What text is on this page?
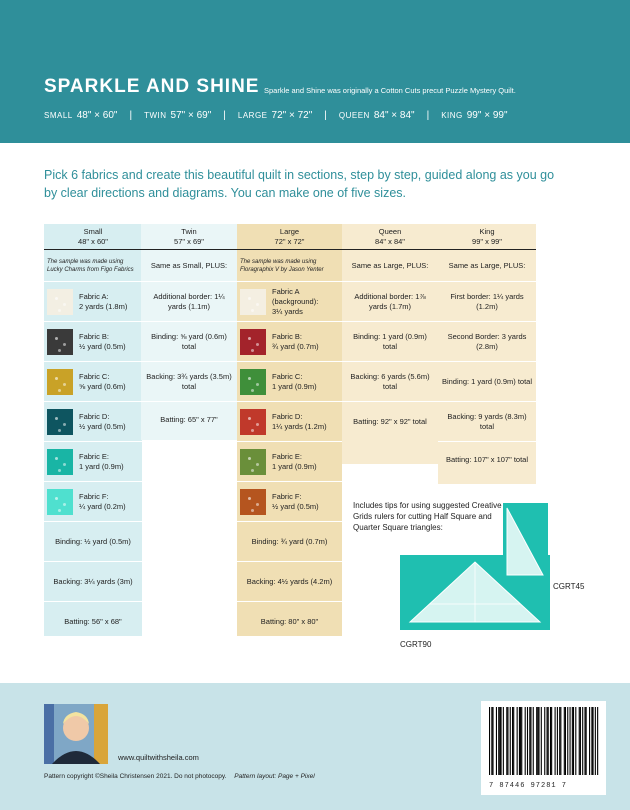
SPARKLE AND SHINE Sparkle and Shine was originally a Cotton Cuts precut Puzzle Mystery Quilt.
SMALL 48" × 60" | TWIN 57" × 69" | LARGE 72" × 72" | QUEEN 84" × 84" | KING 99" × 99"
Pick 6 fabrics and create this beautiful quilt in sections, step by step, guided along as you go by clear directions and diagrams. You can make one of five sizes.
Small
48" x 60"
The sample was made using Lucky Charms from Figo Fabrics
Fabric A:
2 yards (1.8m)
Fabric B:
½ yard (0.5m)
Fabric C:
⅝ yard (0.6m)
Fabric D:
½ yard (0.5m)
Fabric E:
1 yard (0.9m)
Fabric F:
¼ yard (0.2m)
Binding: ½ yard (0.5m)
Backing: 3¼ yards (3m)
Batting: 56" x 68"
Twin
57" x 69"
Same as Small, PLUS:
Additional border: 1¼ yards (1.1m)
Binding: ⅝ yard (0.6m) total
Backing: 3¾ yards (3.5m) total
Batting: 65" x 77"
Large
72" x 72"
The sample was made using Floragraphix V by Jason Yenter
Fabric A (background):
3¼ yards
Fabric B:
¾ yard (0.7m)
Fabric C:
1 yard (0.9m)
Fabric D:
1¼ yards (1.2m)
Fabric E:
1 yard (0.9m)
Fabric F:
½ yard (0.5m)
Binding: ¾ yard (0.7m)
Backing: 4½ yards (4.2m)
Batting: 80" x 80"
Queen
84" x 84"
Same as Large, PLUS:
Additional border: 1⅞ yards (1.7m)
Binding: 1 yard (0.9m) total
Backing: 6 yards (5.6m) total
Batting: 92" x 92" total
King
99" x 99"
Same as Large, PLUS:
First border: 1¼ yards (1.2m)
Second Border: 3 yards (2.8m)
Binding: 1 yard (0.9m) total
Backing: 9 yards (8.3m) total
Batting: 107" x 107" total
Includes tips for using suggested Creative Grids rulers for cutting Half Square and Quarter Square triangles:
CGRT45
CGRT90
www.quiltwithsheila.com
Pattern copyright ©Sheila Christensen 2021. Do not photocopy. Pattern layout: Page + Pixel
7 87446 97281 7
